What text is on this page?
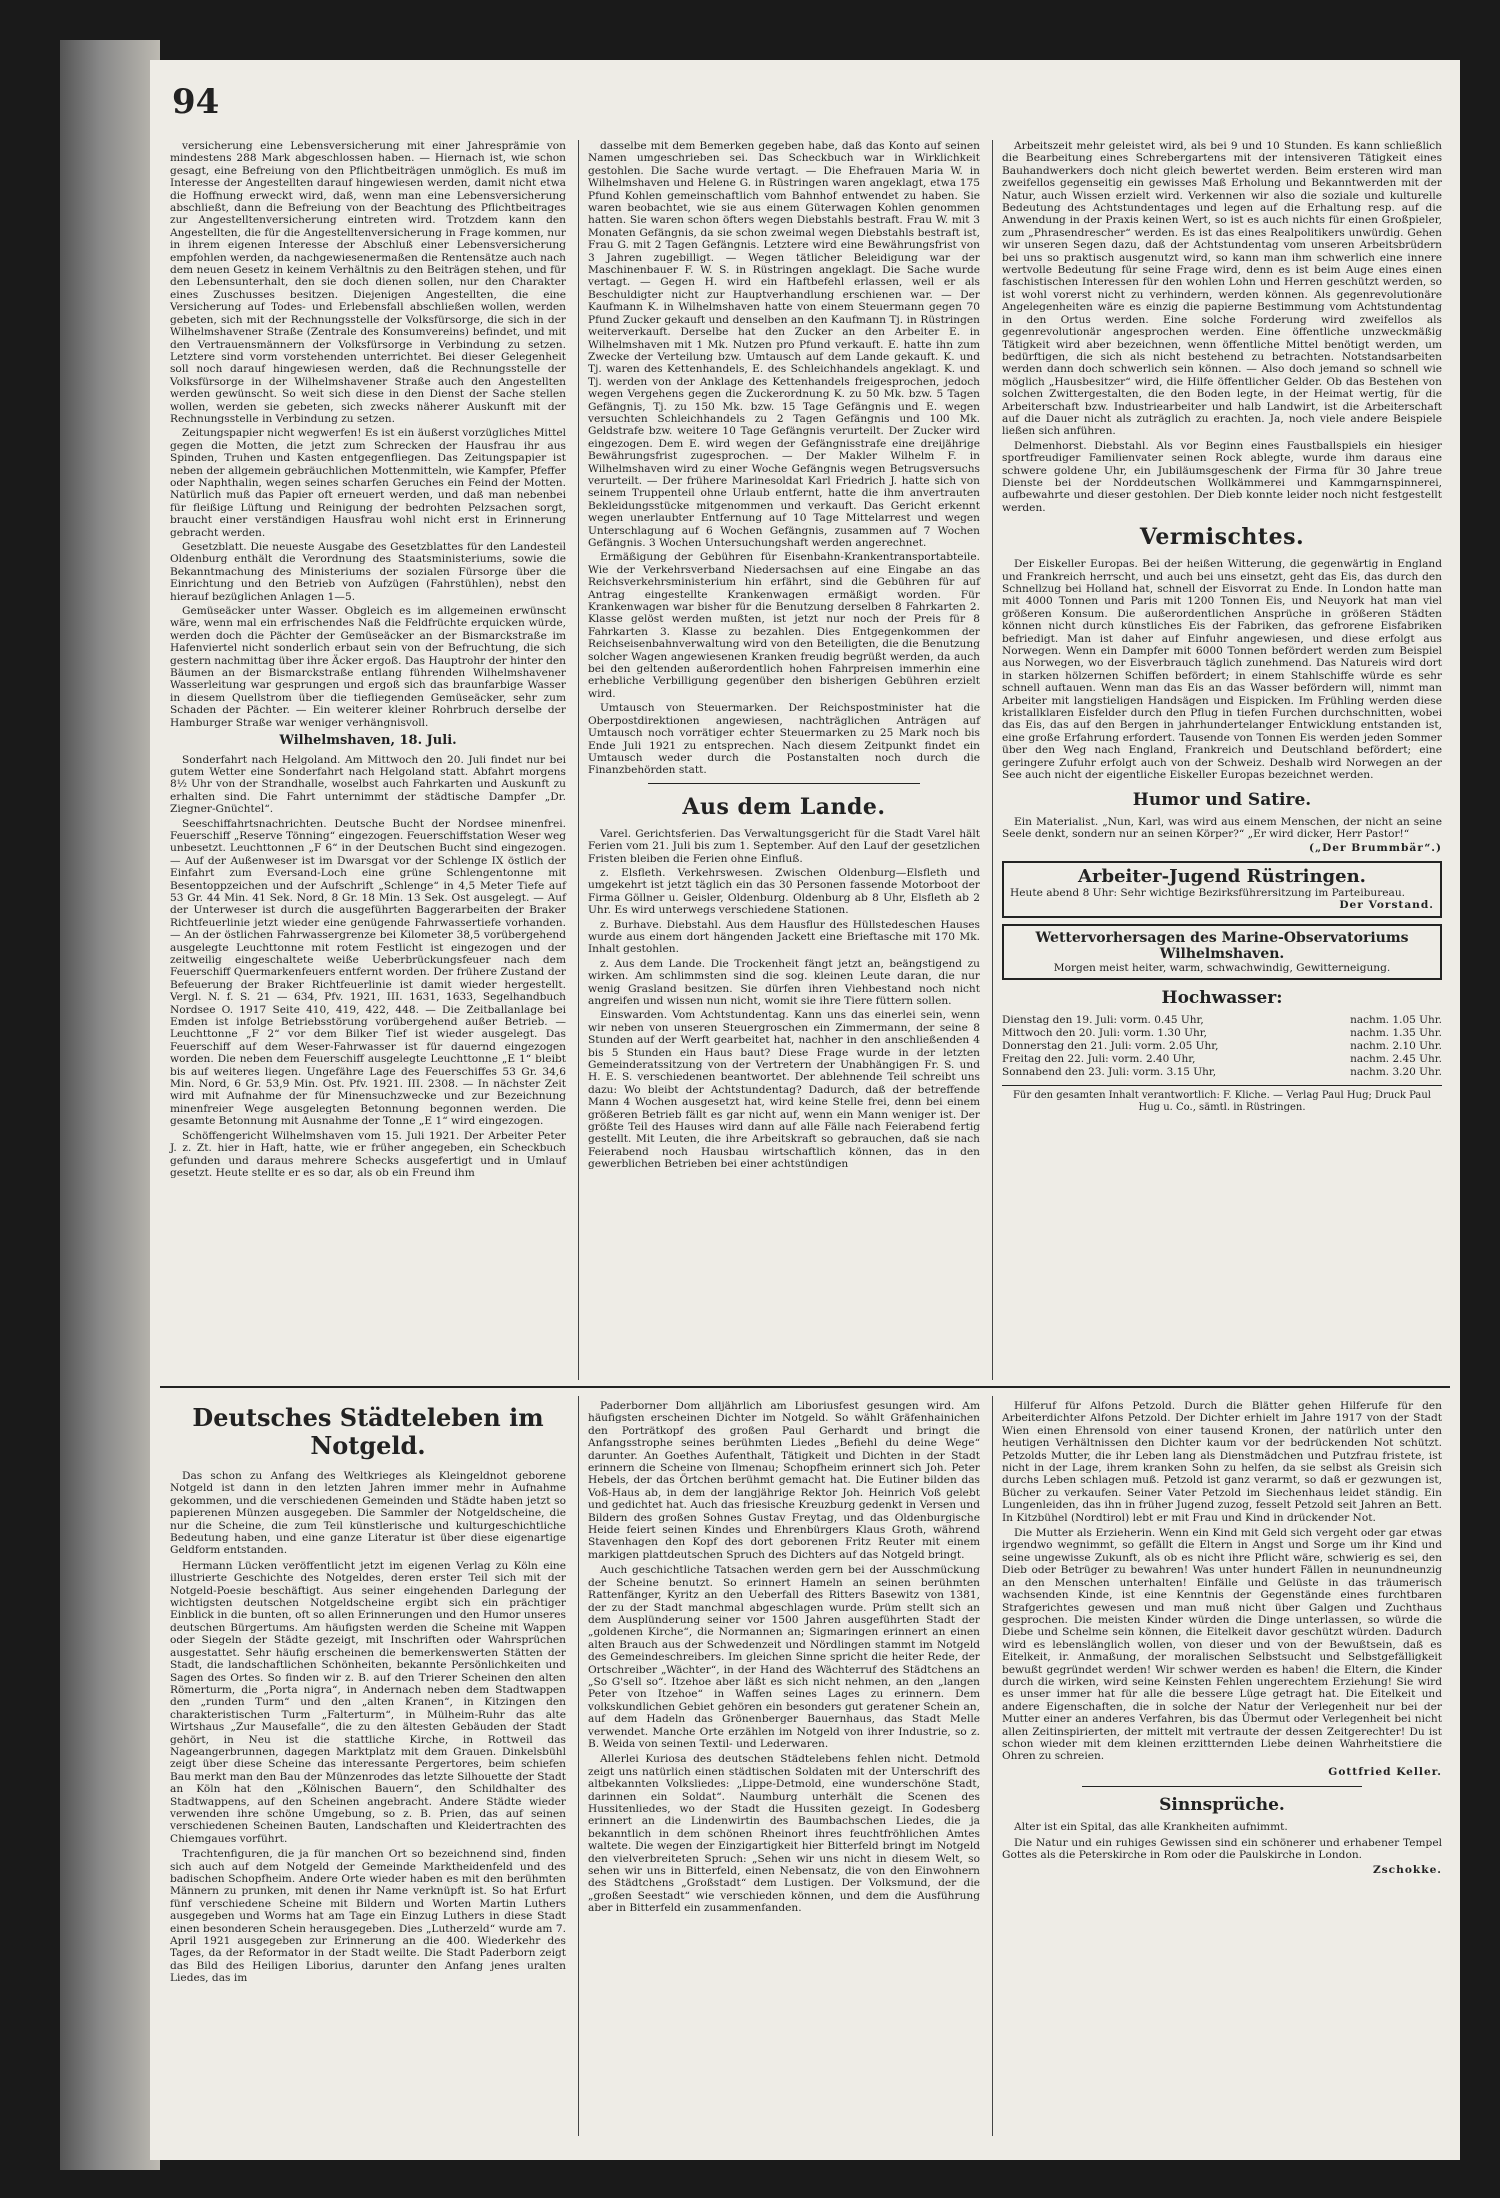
94

versicherung eine Lebensversicherung mit einer Jahresprämie von mindestens 288 Mark abgeschlossen haben. — Hiernach ist, wie schon gesagt, eine Befreiung von den Pflichtbeiträgen unmöglich. Es muß im Interesse der Angestellten darauf hingewiesen werden, damit nicht etwa die Hoffnung erweckt wird, daß, wenn man eine Lebensversicherung abschließt, dann die Befreiung von der Beachtung des Pflichtbeitrages zur Angestelltenversicherung eintreten wird. Trotzdem kann den Angestellten, die für die Angestelltenversicherung in Frage kommen, nur in ihrem eigenen Interesse der Abschluß einer Lebensversicherung empfohlen werden, da nachgewiesenermaßen die Rentensätze auch nach dem neuen Gesetz in keinem Verhältnis zu den Beiträgen stehen, und für den Lebensunterhalt, den sie doch dienen sollen, nur den Charakter eines Zuschusses besitzen. Diejenigen Angestellten, die eine Versicherung auf Todes- und Erlebensfall abschließen wollen, werden gebeten, sich mit der Rechnungsstelle der Volksfürsorge, die sich in der Wilhelmshavener Straße (Zentrale des Konsumvereins) befindet, und mit den Vertrauensmännern der Volksfürsorge in Verbindung zu setzen. Letztere sind vorm vorstehenden unterrichtet. Bei dieser Gelegenheit soll noch darauf hingewiesen werden, daß die Rechnungsstelle der Volksfürsorge in der Wilhelmshavener Straße auch den Angestellten werden gewünscht. So weit sich diese in den Dienst der Sache stellen wollen, werden sie gebeten, sich zwecks näherer Auskunft mit der Rechnungsstelle in Verbindung zu setzen.

Zeitungspapier nicht wegwerfen! Es ist ein äußerst vorzügliches Mittel gegen die Motten, die jetzt zum Schrecken der Hausfrau ihr aus Spinden, Truhen und Kasten entgegenfliegen. Das Zeitungspapier ist neben der allgemein gebräuchlichen Mottenmitteln, wie Kampfer, Pfeffer oder Naphthalin, wegen seines scharfen Geruches ein Feind der Motten. Natürlich muß das Papier oft erneuert werden, und daß man nebenbei für fleißige Lüftung und Reinigung der bedrohten Pelzsachen sorgt, braucht einer verständigen Hausfrau wohl nicht erst in Erinnerung gebracht werden.

Gesetzblatt. Die neueste Ausgabe des Gesetzblattes für den Landesteil Oldenburg enthält die Verordnung des Staatsministeriums, sowie die Bekanntmachung des Ministeriums der sozialen Fürsorge über die Einrichtung und den Betrieb von Aufzügen (Fahrstühlen), nebst den hierauf bezüglichen Anlagen 1—5.

Gemüseäcker unter Wasser. Obgleich es im allgemeinen erwünscht wäre, wenn mal ein erfrischendes Naß die Feldfrüchte erquicken würde, werden doch die Pächter der Gemüseäcker an der Bismarckstraße im Hafenviertel nicht sonderlich erbaut sein von der Befruchtung, die sich gestern nachmittag über ihre Äcker ergoß. Das Hauptrohr der hinter den Bäumen an der Bismarckstraße entlang führenden Wilhelmshavener Wasserleitung war gesprungen und ergoß sich das braunfarbige Wasser in diesem Quellstrom über die tiefliegenden Gemüseäcker, sehr zum Schaden der Pächter. — Ein weiterer kleiner Rohrbruch derselbe der Hamburger Straße war weniger verhängnisvoll.

Wilhelmshaven, 18. Juli.

Sonderfahrt nach Helgoland. Am Mittwoch den 20. Juli findet nur bei gutem Wetter eine Sonderfahrt nach Helgoland statt. Abfahrt morgens 8½ Uhr von der Strandhalle, woselbst auch Fahrkarten und Auskunft zu erhalten sind. Die Fahrt unternimmt der städtische Dampfer „Dr. Ziegner-Gnüchtel“.

Seeschiffahrtsnachrichten. Deutsche Bucht der Nordsee minenfrei. Feuerschiff „Reserve Tönning“ eingezogen. Feuerschiffstation Weser weg unbesetzt. Leuchttonnen „F 6“ in der Deutschen Bucht sind eingezogen. — Auf der Außenweser ist im Dwarsgat vor der Schlenge IX östlich der Einfahrt zum Eversand-Loch eine grüne Schlengentonne mit Besentoppzeichen und der Aufschrift „Schlenge“ in 4,5 Meter Tiefe auf 53 Gr. 44 Min. 41 Sek. Nord, 8 Gr. 18 Min. 13 Sek. Ost ausgelegt. — Auf der Unterweser ist durch die ausgeführten Baggerarbeiten der Braker Richtfeuerlinie jetzt wieder eine genügende Fahrwassertiefe vorhanden. — An der östlichen Fahrwassergrenze bei Kilometer 38,5 vorübergehend ausgelegte Leuchttonne mit rotem Festlicht ist eingezogen und der zeitweilig eingeschaltete weiße Ueberbrückungsfeuer nach dem Feuerschiff Quermarkenfeuers entfernt worden. Der frühere Zustand der Befeuerung der Braker Richtfeuerlinie ist damit wieder hergestellt. Vergl. N. f. S. 21 — 634, Pfv. 1921, III. 1631, 1633, Segelhandbuch Nordsee O. 1917 Seite 410, 419, 422, 448. — Die Zeitballanlage bei Emden ist infolge Betriebsstörung vorübergehend außer Betrieb. — Leuchttonne „F 2“ vor dem Bilker Tief ist wieder ausgelegt. Das Feuerschiff auf dem Weser-Fahrwasser ist für dauernd eingezogen worden. Die neben dem Feuerschiff ausgelegte Leuchttonne „E 1“ bleibt bis auf weiteres liegen. Ungefähre Lage des Feuerschiffes 53 Gr. 34,6 Min. Nord, 6 Gr. 53,9 Min. Ost. Pfv. 1921. III. 2308. — In nächster Zeit wird mit Aufnahme der für Minensuchzwecke und zur Bezeichnung minenfreier Wege ausgelegten Betonnung begonnen werden. Die gesamte Betonnung mit Ausnahme der Tonne „E 1“ wird eingezogen.

Schöffengericht Wilhelmshaven vom 15. Juli 1921. Der Arbeiter Peter J. z. Zt. hier in Haft, hatte, wie er früher angegeben, ein Scheckbuch gefunden und daraus mehrere Schecks ausgefertigt und in Umlauf gesetzt. Heute stellte er es so dar, als ob ein Freund ihm

dasselbe mit dem Bemerken gegeben habe, daß das Konto auf seinen Namen umgeschrieben sei. Das Scheckbuch war in Wirklichkeit gestohlen. Die Sache wurde vertagt. — Die Ehefrauen Maria W. in Wilhelmshaven und Helene G. in Rüstringen waren angeklagt, etwa 175 Pfund Kohlen gemeinschaftlich vom Bahnhof entwendet zu haben. Sie waren beobachtet, wie sie aus einem Güterwagen Kohlen genommen hatten. Sie waren schon öfters wegen Diebstahls bestraft. Frau W. mit 3 Monaten Gefängnis, da sie schon zweimal wegen Diebstahls bestraft ist, Frau G. mit 2 Tagen Gefängnis. Letztere wird eine Bewährungsfrist von 3 Jahren zugebilligt. — Wegen tätlicher Beleidigung war der Maschinenbauer F. W. S. in Rüstringen angeklagt. Die Sache wurde vertagt. — Gegen H. wird ein Haftbefehl erlassen, weil er als Beschuldigter nicht zur Hauptverhandlung erschienen war. — Der Kaufmann K. in Wilhelmshaven hatte von einem Steuermann gegen 70 Pfund Zucker gekauft und denselben an den Kaufmann Tj. in Rüstringen weiterverkauft. Derselbe hat den Zucker an den Arbeiter E. in Wilhelmshaven mit 1 Mk. Nutzen pro Pfund verkauft. E. hatte ihn zum Zwecke der Verteilung bzw. Umtausch auf dem Lande gekauft. K. und Tj. waren des Kettenhandels, E. des Schleichhandels angeklagt. K. und Tj. werden von der Anklage des Kettenhandels freigesprochen, jedoch wegen Vergehens gegen die Zuckerordnung K. zu 50 Mk. bzw. 5 Tagen Gefängnis, Tj. zu 150 Mk. bzw. 15 Tage Gefängnis und E. wegen versuchten Schleichhandels zu 2 Tagen Gefängnis und 100 Mk. Geldstrafe bzw. weitere 10 Tage Gefängnis verurteilt. Der Zucker wird eingezogen. Dem E. wird wegen der Gefängnisstrafe eine dreijährige Bewährungsfrist zugesprochen. — Der Makler Wilhelm F. in Wilhelmshaven wird zu einer Woche Gefängnis wegen Betrugsversuchs verurteilt. — Der frühere Marinesoldat Karl Friedrich J. hatte sich von seinem Truppenteil ohne Urlaub entfernt, hatte die ihm anvertrauten Bekleidungsstücke mitgenommen und verkauft. Das Gericht erkennt wegen unerlaubter Entfernung auf 10 Tage Mittelarrest und wegen Unterschlagung auf 6 Wochen Gefängnis, zusammen auf 7 Wochen Gefängnis. 3 Wochen Untersuchungshaft werden angerechnet.

Ermäßigung der Gebühren für Eisenbahn-Krankentransportabteile. Wie der Verkehrsverband Niedersachsen auf eine Eingabe an das Reichsverkehrsministerium hin erfährt, sind die Gebühren für auf Antrag eingestellte Krankenwagen ermäßigt worden. Für Krankenwagen war bisher für die Benutzung derselben 8 Fahrkarten 2. Klasse gelöst werden mußten, ist jetzt nur noch der Preis für 8 Fahrkarten 3. Klasse zu bezahlen. Dies Entgegenkommen der Reichseisenbahnverwaltung wird von den Beteiligten, die die Benutzung solcher Wagen angewiesenen Kranken freudig begrüßt werden, da auch bei den geltenden außerordentlich hohen Fahrpreisen immerhin eine erhebliche Verbilligung gegenüber den bisherigen Gebühren erzielt wird.

Umtausch von Steuermarken. Der Reichspostminister hat die Oberpostdirektionen angewiesen, nachträglichen Anträgen auf Umtausch noch vorrätiger echter Steuermarken zu 25 Mark noch bis Ende Juli 1921 zu entsprechen. Nach diesem Zeitpunkt findet ein Umtausch weder durch die Postanstalten noch durch die Finanzbehörden statt.

Aus dem Lande.

Varel. Gerichtsferien. Das Verwaltungsgericht für die Stadt Varel hält Ferien vom 21. Juli bis zum 1. September. Auf den Lauf der gesetzlichen Fristen bleiben die Ferien ohne Einfluß.

z. Elsfleth. Verkehrswesen. Zwischen Oldenburg—Elsfleth und umgekehrt ist jetzt täglich ein das 30 Personen fassende Motorboot der Firma Göllner u. Geisler, Oldenburg. Oldenburg ab 8 Uhr, Elsfleth ab 2 Uhr. Es wird unterwegs verschiedene Stationen.

z. Burhave. Diebstahl. Aus dem Hausflur des Hüllstedeschen Hauses wurde aus einem dort hängenden Jackett eine Brieftasche mit 170 Mk. Inhalt gestohlen.

z. Aus dem Lande. Die Trockenheit fängt jetzt an, beängstigend zu wirken. Am schlimmsten sind die sog. kleinen Leute daran, die nur wenig Grasland besitzen. Sie dürfen ihren Viehbestand noch nicht angreifen und wissen nun nicht, womit sie ihre Tiere füttern sollen.

Einswarden. Vom Achtstundentag. Kann uns das einerlei sein, wenn wir neben von unseren Steuergroschen ein Zimmermann, der seine 8 Stunden auf der Werft gearbeitet hat, nachher in den anschließenden 4 bis 5 Stunden ein Haus baut? Diese Frage wurde in der letzten Gemeinderatssitzung von der Vertretern der Unabhängigen Fr. S. und H. E. S. verschiedenen beantwortet. Der ablehnende Teil schreibt uns dazu: Wo bleibt der Achtstundentag? Dadurch, daß der betreffende Mann 4 Wochen ausgesetzt hat, wird keine Stelle frei, denn bei einem größeren Betrieb fällt es gar nicht auf, wenn ein Mann weniger ist. Der größte Teil des Hauses wird dann auf alle Fälle nach Feierabend fertig gestellt. Mit Leuten, die ihre Arbeitskraft so gebrauchen, daß sie nach Feierabend noch Hausbau wirtschaftlich können, das in den gewerblichen Betrieben bei einer achtstündigen

Arbeitszeit mehr geleistet wird, als bei 9 und 10 Stunden. Es kann schließlich die Bearbeitung eines Schrebergartens mit der intensiveren Tätigkeit eines Bauhandwerkers doch nicht gleich bewertet werden. Beim ersteren wird man zweifellos gegenseitig ein gewisses Maß Erholung und Bekanntwerden mit der Natur, auch Wissen erzielt wird. Verkennen wir also die soziale und kulturelle Bedeutung des Achtstundentages und legen auf die Erhaltung resp. auf die Anwendung in der Praxis keinen Wert, so ist es auch nichts für einen Großpieler, zum „Phrasendrescher“ werden. Es ist das eines Realpolitikers unwürdig. Gehen wir unseren Segen dazu, daß der Achtstundentag vom unseren Arbeitsbrüdern bei uns so praktisch ausgenutzt wird, so kann man ihm schwerlich eine innere wertvolle Bedeutung für seine Frage wird, denn es ist beim Auge eines einen faschistischen Interessen für den wohlen Lohn und Herren geschützt werden, so ist wohl vorerst nicht zu verhindern, werden können. Als gegenrevolutionäre Angelegenheiten wäre es einzig die papierne Bestimmung vom Achtstundentag in den Ortus werden. Eine solche Forderung wird zweifellos als gegenrevolutionär angesprochen werden. Eine öffentliche unzweckmäßig Tätigkeit wird aber bezeichnen, wenn öffentliche Mittel benötigt werden, um bedürftigen, die sich als nicht bestehend zu betrachten. Notstandsarbeiten werden dann doch schwerlich sein können. — Also doch jemand so schnell wie möglich „Hausbesitzer“ wird, die Hilfe öffentlicher Gelder. Ob das Bestehen von solchen Zwittergestalten, die den Boden legte, in der Heimat wertig, für die Arbeiterschaft bzw. Industriearbeiter und halb Landwirt, ist die Arbeiterschaft auf die Dauer nicht als zuträglich zu erachten. Ja, noch viele andere Beispiele ließen sich anführen.

Delmenhorst. Diebstahl. Als vor Beginn eines Faustballspiels ein hiesiger sportfreudiger Familienvater seinen Rock ablegte, wurde ihm daraus eine schwere goldene Uhr, ein Jubiläumsgeschenk der Firma für 30 Jahre treue Dienste bei der Norddeutschen Wollkämmerei und Kammgarnspinnerei, aufbewahrte und dieser gestohlen. Der Dieb konnte leider noch nicht festgestellt werden.

Vermischtes.

Der Eiskeller Europas. Bei der heißen Witterung, die gegenwärtig in England und Frankreich herrscht, und auch bei uns einsetzt, geht das Eis, das durch den Schnellzug bei Holland hat, schnell der Eisvorrat zu Ende. In London hatte man mit 4000 Tonnen und Paris mit 1200 Tonnen Eis, und Neuyork hat man viel größeren Konsum. Die außerordentlichen Ansprüche in größeren Städten können nicht durch künstliches Eis der Fabriken, das gefrorene Eisfabriken befriedigt. Man ist daher auf Einfuhr angewiesen, und diese erfolgt aus Norwegen. Wenn ein Dampfer mit 6000 Tonnen befördert werden zum Beispiel aus Norwegen, wo der Eisverbrauch täglich zunehmend. Das Natureis wird dort in starken hölzernen Schiffen befördert; in einem Stahlschiffe würde es sehr schnell auftauen. Wenn man das Eis an das Wasser befördern will, nimmt man Arbeiter mit langstieligen Handsägen und Eispicken. Im Frühling werden diese kristallklaren Eisfelder durch den Pflug in tiefen Furchen durchschnitten, wobei das Eis, das auf den Bergen in jahrhundertelanger Entwicklung entstanden ist, eine große Erfahrung erfordert. Tausende von Tonnen Eis werden jeden Sommer über den Weg nach England, Frankreich und Deutschland befördert; eine geringere Zufuhr erfolgt auch von der Schweiz. Deshalb wird Norwegen an der See auch nicht der eigentliche Eiskeller Europas bezeichnet werden.

Humor und Satire.

Ein Materialist. „Nun, Karl, was wird aus einem Menschen, der nicht an seine Seele denkt, sondern nur an seinen Körper?“ „Er wird dicker, Herr Pastor!“

(„Der Brummbär“.)
Arbeiter-Jugend Rüstringen.
Heute abend 8 Uhr: Sehr wichtige Bezirksführersitzung im Parteibureau.
Der Vorstand.
Wettervorhersagen des Marine-Observatoriums Wilhelmshaven.
Morgen meist heiter, warm, schwachwindig, Gewitterneigung.
Hochwasser:
Dienstag den 19. Juli: vorm. 0.45 Uhr,	nachm. 1.05 Uhr.
Mittwoch den 20. Juli: vorm. 1.30 Uhr,	nachm. 1.35 Uhr.
Donnerstag den 21. Juli: vorm. 2.05 Uhr,	nachm. 2.10 Uhr.
Freitag den 22. Juli: vorm. 2.40 Uhr,	nachm. 2.45 Uhr.
Sonnabend den 23. Juli: vorm. 3.15 Uhr,	nachm. 3.20 Uhr.
Für den gesamten Inhalt verantwortlich: F. Kliche. — Verlag Paul Hug; Druck Paul Hug u. Co., sämtl. in Rüstringen.
Deutsches Städteleben im Notgeld.

Das schon zu Anfang des Weltkrieges als Kleingeldnot geborene Notgeld ist dann in den letzten Jahren immer mehr in Aufnahme gekommen, und die verschiedenen Gemeinden und Städte haben jetzt so papierenen Münzen ausgegeben. Die Sammler der Notgeldscheine, die nur die Scheine, die zum Teil künstlerische und kulturgeschichtliche Bedeutung haben, und eine ganze Literatur ist über diese eigenartige Geldform entstanden.

Hermann Lücken veröffentlicht jetzt im eigenen Verlag zu Köln eine illustrierte Geschichte des Notgeldes, deren erster Teil sich mit der Notgeld-Poesie beschäftigt. Aus seiner eingehenden Darlegung der wichtigsten deutschen Notgeldscheine ergibt sich ein prächtiger Einblick in die bunten, oft so allen Erinnerungen und den Humor unseres deutschen Bürgertums. Am häufigsten werden die Scheine mit Wappen oder Siegeln der Städte gezeigt, mit Inschriften oder Wahrsprüchen ausgestattet. Sehr häufig erscheinen die bemerkenswerten Stätten der Stadt, die landschaftlichen Schönheiten, bekannte Persönlichkeiten und Sagen des Ortes. So finden wir z. B. auf den Trierer Scheinen den alten Römerturm, die „Porta nigra“, in Andernach neben dem Stadtwappen den „runden Turm“ und den „alten Kranen“, in Kitzingen den charakteristischen Turm „Falterturm“, in Mülheim-Ruhr das alte Wirtshaus „Zur Mausefalle“, die zu den ältesten Gebäuden der Stadt gehört, in Neu ist die stattliche Kirche, in Rottweil das Nageangerbrunnen, dagegen Marktplatz mit dem Grauen. Dinkelsbühl zeigt über diese Scheine das interessante Pergertores, beim schiefen Bau merkt man den Bau der Münzenrodes das letzte Silhouette der Stadt an Köln hat den „Kölnischen Bauern“, den Schildhalter des Stadtwappens, auf den Scheinen angebracht. Andere Städte wieder verwenden ihre schöne Umgebung, so z. B. Prien, das auf seinen verschiedenen Scheinen Bauten, Landschaften und Kleidertrachten des Chiemgaues vorführt.

Trachtenfiguren, die ja für manchen Ort so bezeichnend sind, finden sich auch auf dem Notgeld der Gemeinde Marktheidenfeld und des badischen Schopfheim. Andere Orte wieder haben es mit den berühmten Männern zu prunken, mit denen ihr Name verknüpft ist. So hat Erfurt fünf verschiedene Scheine mit Bildern und Worten Martin Luthers ausgegeben und Worms hat am Tage ein Einzug Luthers in diese Stadt einen besonderen Schein herausgegeben. Dies „Lutherzeld“ wurde am 7. April 1921 ausgegeben zur Erinnerung an die 400. Wiederkehr des Tages, da der Reformator in der Stadt weilte. Die Stadt Paderborn zeigt das Bild des Heiligen Liborius, darunter den Anfang jenes uralten Liedes, das im

Paderborner Dom alljährlich am Liboriusfest gesungen wird. Am häufigsten erscheinen Dichter im Notgeld. So wählt Gräfenhainichen den Porträtkopf des großen Paul Gerhardt und bringt die Anfangsstrophe seines berühmten Liedes „Befiehl du deine Wege“ darunter. An Goethes Aufenthalt, Tätigkeit und Dichten in der Stadt erinnern die Scheine von Ilmenau; Schopfheim erinnert sich Joh. Peter Hebels, der das Örtchen berühmt gemacht hat. Die Eutiner bilden das Voß-Haus ab, in dem der langjährige Rektor Joh. Heinrich Voß gelebt und gedichtet hat. Auch das friesische Kreuzburg gedenkt in Versen und Bildern des großen Sohnes Gustav Freytag, und das Oldenburgische Heide feiert seinen Kindes und Ehrenbürgers Klaus Groth, während Stavenhagen den Kopf des dort geborenen Fritz Reuter mit einem markigen plattdeutschen Spruch des Dichters auf das Notgeld bringt.

Auch geschichtliche Tatsachen werden gern bei der Ausschmückung der Scheine benutzt. So erinnert Hameln an seinen berühmten Rattenfänger, Kyritz an den Ueberfall des Ritters Basewitz von 1381, der zu der Stadt manchmal abgeschlagen wurde. Prüm stellt sich an dem Ausplünderung seiner vor 1500 Jahren ausgeführten Stadt der „goldenen Kirche“, die Normannen an; Sigmaringen erinnert an einen alten Brauch aus der Schwedenzeit und Nördlingen stammt im Notgeld des Gemeindeschreibers. Im gleichen Sinne spricht die heiter Rede, der Ortschreiber „Wächter“, in der Hand des Wächterruf des Städtchens an „So G'sell so“. Itzehoe aber läßt es sich nicht nehmen, an den „langen Peter von Itzehoe“ in Waffen seines Lages zu erinnern. Dem volkskundlichen Gebiet gehören ein besonders gut geratener Schein an, auf dem Hadeln das Grönenberger Bauernhaus, das Stadt Melle verwendet. Manche Orte erzählen im Notgeld von ihrer Industrie, so z. B. Weida von seinen Textil- und Lederwaren.

Allerlei Kuriosa des deutschen Städtelebens fehlen nicht. Detmold zeigt uns natürlich einen städtischen Soldaten mit der Unterschrift des altbekannten Volksliedes: „Lippe-Detmold, eine wunderschöne Stadt, darinnen ein Soldat“. Naumburg unterhält die Scenen des Hussitenliedes, wo der Stadt die Hussiten gezeigt. In Godesberg erinnert an die Lindenwirtin des Baumbachschen Liedes, die ja bekanntlich in dem schönen Rheinort ihres feuchtfröhlichen Amtes waltete. Die wegen der Einzigartigkeit hier Bitterfeld bringt im Notgeld den vielverbreiteten Spruch: „Sehen wir uns nicht in diesem Welt, so sehen wir uns in Bitterfeld, einen Nebensatz, die von den Einwohnern des Städtchens „Großstadt“ dem Lustigen. Der Volksmund, der die „großen Seestadt“ wie verschieden können, und dem die Ausführung aber in Bitterfeld ein zusammenfanden.

Hilferuf für Alfons Petzold. Durch die Blätter gehen Hilferufe für den Arbeiterdichter Alfons Petzold. Der Dichter erhielt im Jahre 1917 von der Stadt Wien einen Ehrensold von einer tausend Kronen, der natürlich unter den heutigen Verhältnissen den Dichter kaum vor der bedrückenden Not schützt. Petzolds Mutter, die ihr Leben lang als Dienstmädchen und Putzfrau fristete, ist nicht in der Lage, ihrem kranken Sohn zu helfen, da sie selbst als Greisin sich durchs Leben schlagen muß. Petzold ist ganz verarmt, so daß er gezwungen ist, Bücher zu verkaufen. Seiner Vater Petzold im Siechenhaus leidet ständig. Ein Lungenleiden, das ihn in früher Jugend zuzog, fesselt Petzold seit Jahren an Bett. In Kitzbühel (Nordtirol) lebt er mit Frau und Kind in drückender Not.

Die Mutter als Erzieherin. Wenn ein Kind mit Geld sich vergeht oder gar etwas irgendwo wegnimmt, so gefällt die Eltern in Angst und Sorge um ihr Kind und seine ungewisse Zukunft, als ob es nicht ihre Pflicht wäre, schwierig es sei, den Dieb oder Betrüger zu bewahren! Was unter hundert Fällen in neunundneunzig an den Menschen unterhalten! Einfälle und Gelüste in das träumerisch wachsenden Kinde, ist eine Kenntnis der Gegenstände eines furchtbaren Strafgerichtes gewesen und man muß nicht über Galgen und Zuchthaus gesprochen. Die meisten Kinder würden die Dinge unterlassen, so würde die Diebe und Schelme sein können, die Eitelkeit davor geschützt würden. Dadurch wird es lebenslänglich wollen, von dieser und von der Bewußtsein, daß es Eitelkeit, ir. Anmaßung, der moralischen Selbstsucht und Selbstgefälligkeit bewußt gegründet werden! Wir schwer werden es haben! die Eltern, die Kinder durch die wirken, wird seine Keinsten Fehlen ungerechtem Erziehung! Sie wird es unser immer hat für alle die bessere Lüge getragt hat. Die Eitelkeit und andere Eigenschaften, die in solche der Natur der Verlegenheit nur bei der Mutter einer an anderes Verfahren, bis das Übermut oder Verlegenheit bei nicht allen Zeitinspirierten, der mittelt mit vertraute der dessen Zeitgerechter! Du ist schon wieder mit dem kleinen erzittternden Liebe deinen Wahrheitstiere die Ohren zu schreien.

Gottfried Keller.
Sinnsprüche.

Alter ist ein Spital, das alle Krankheiten aufnimmt.

Die Natur und ein ruhiges Gewissen sind ein schönerer und erhabener Tempel Gottes als die Peterskirche in Rom oder die Paulskirche in London.

Zschokke.
